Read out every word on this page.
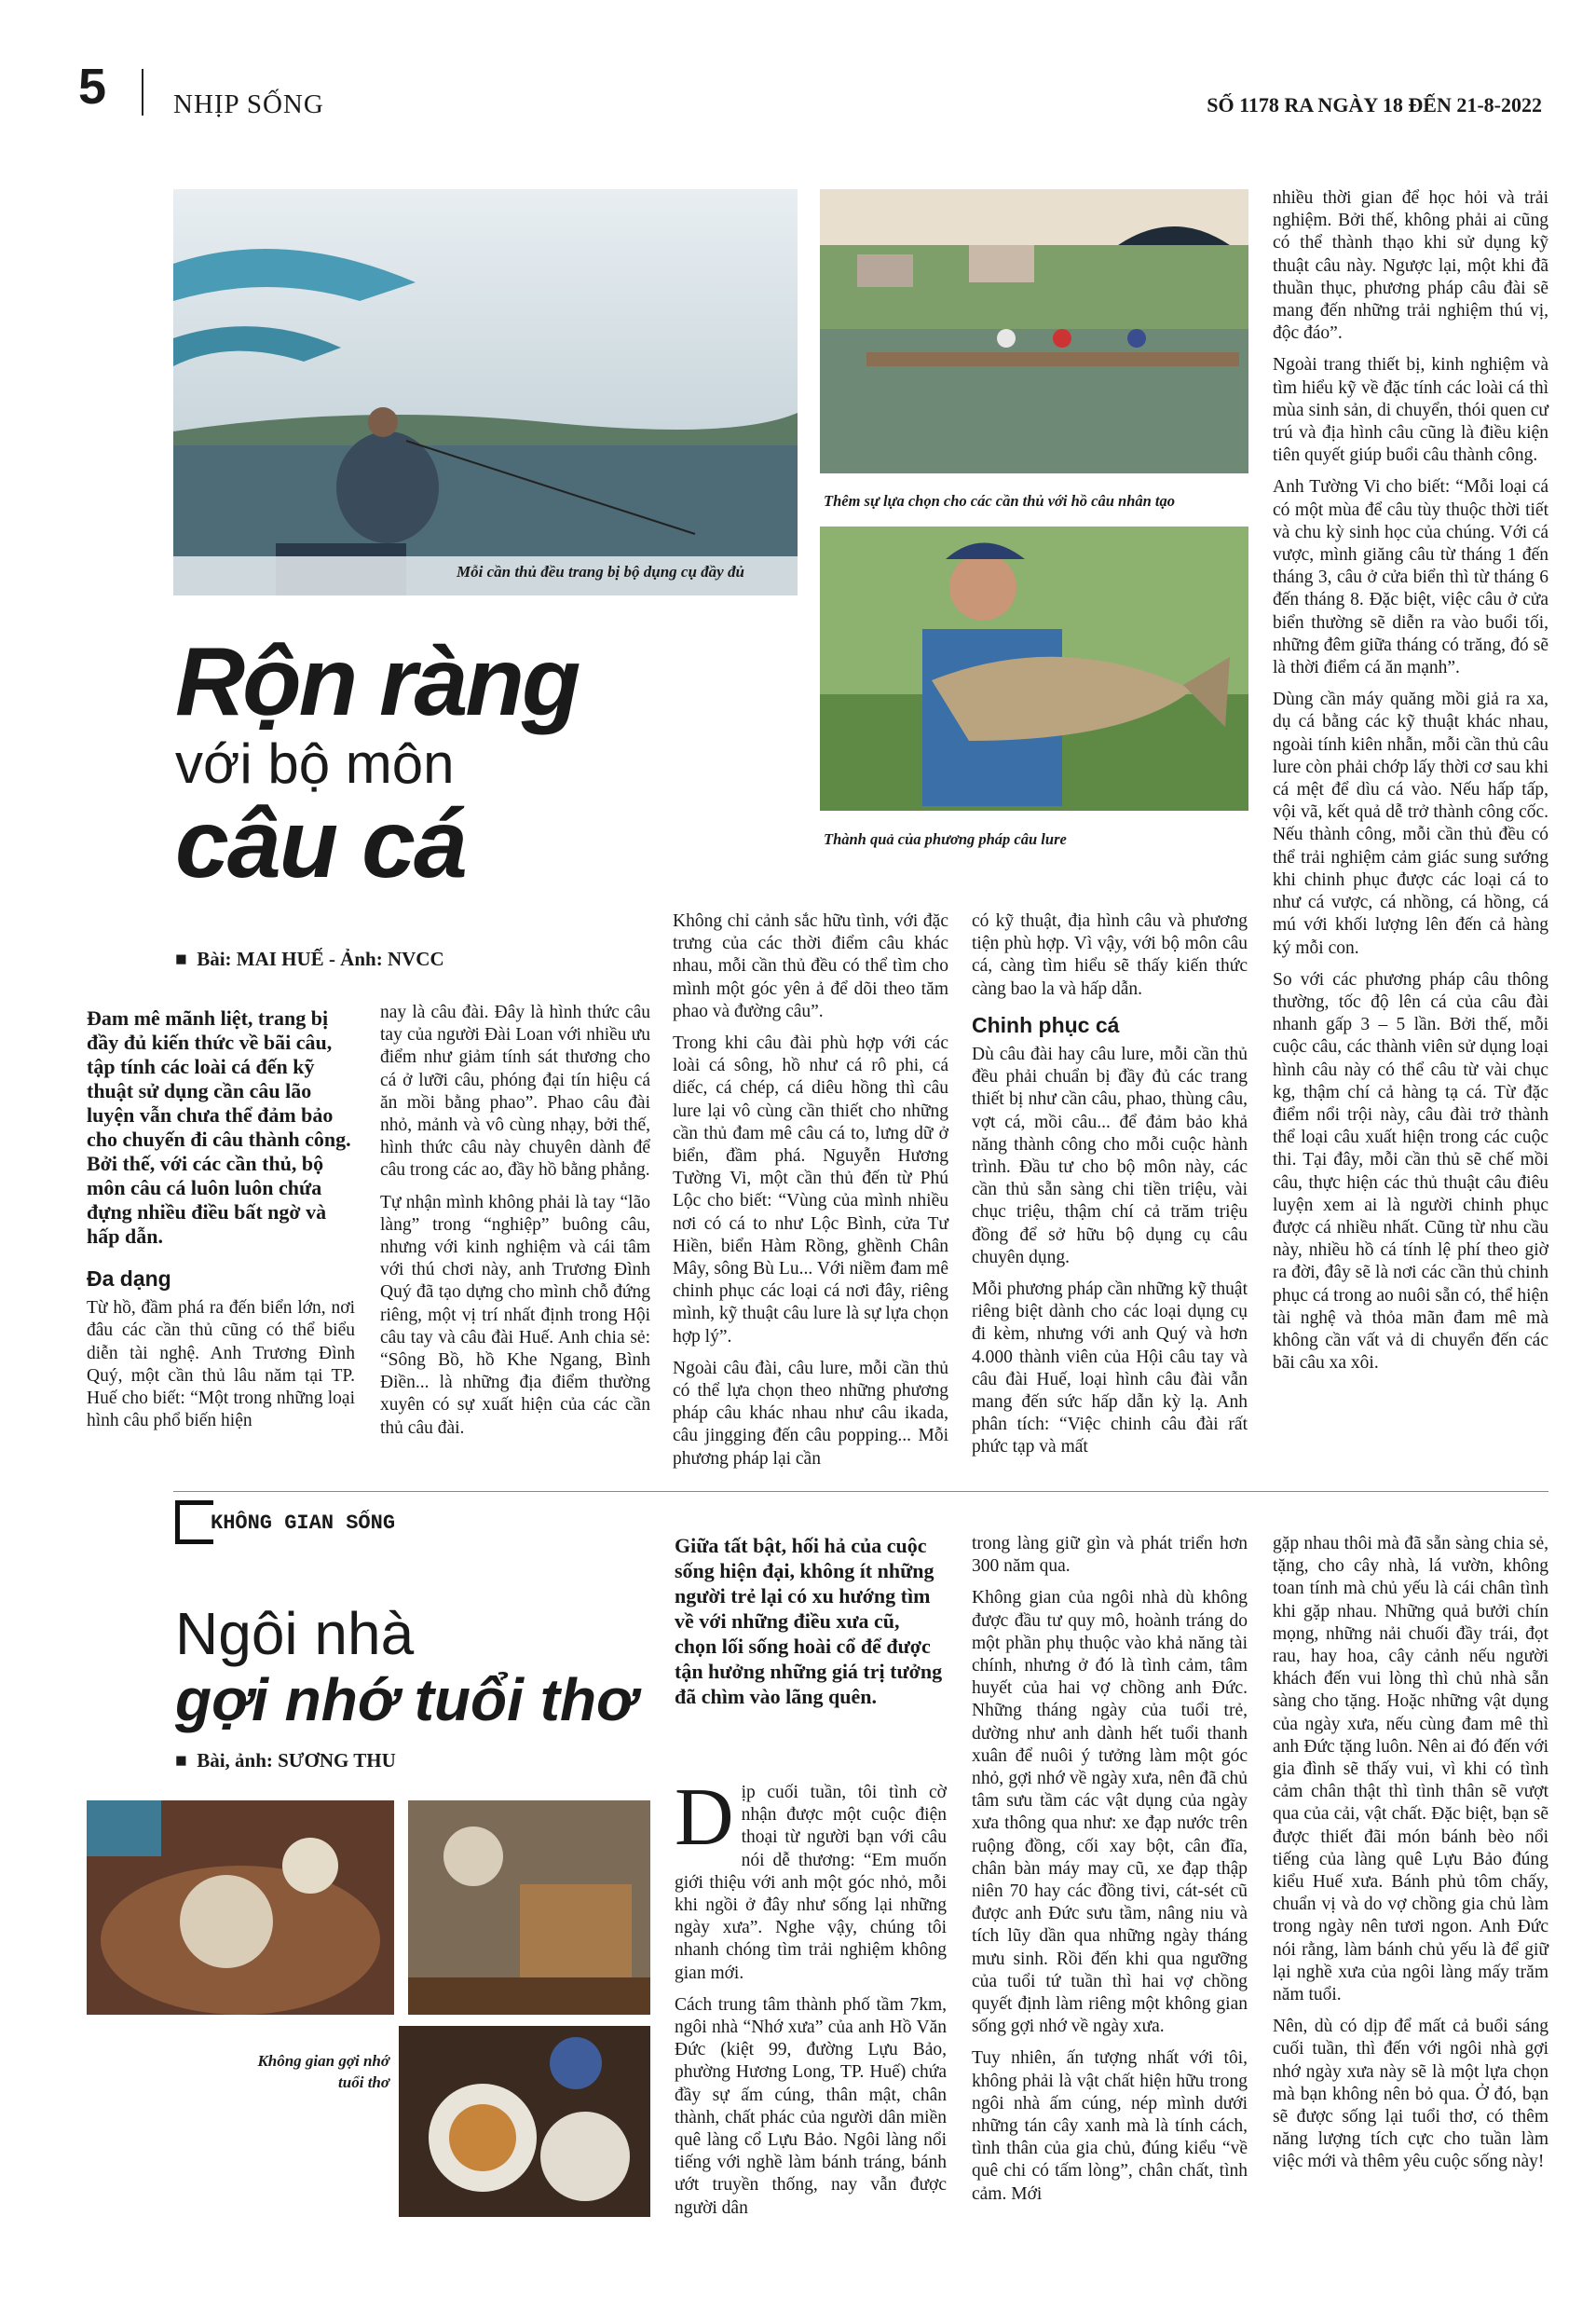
5 NHỊP SỐNG	SỐ 1178 RA NGÀY 18 ĐẾN 21-8-2022
Mỗi cần thủ đều trang bị bộ dụng cụ đầy đủ
Thêm sự lựa chọn cho các cần thủ với hồ câu nhân tạo
Thành quả của phương pháp câu lure
Rộn ràng
với bộ môn
câu cá
■  Bài: MAI HUẾ - Ảnh: NVCC

Đam mê mãnh liệt, trang bị đầy đủ kiến thức về bãi câu, tập tính các loài cá đến kỹ thuật sử dụng cần câu lão luyện vẫn chưa thể đảm bảo cho chuyến đi câu thành công. Bởi thế, với các cần thủ, bộ môn câu cá luôn luôn chứa đựng nhiều điều bất ngờ và hấp dẫn.

Đa dạng

Từ hồ, đầm phá ra đến biển lớn, nơi đâu các cần thủ cũng có thể biểu diễn tài nghệ. Anh Trương Đình Quý, một cần thủ lâu năm tại TP. Huế cho biết: “Một trong những loại hình câu phổ biến hiện

nay là câu đài. Đây là hình thức câu tay của người Đài Loan với nhiều ưu điểm như giảm tính sát thương cho cá ở lưỡi câu, phóng đại tín hiệu cá ăn mồi bằng phao”. Phao câu đài nhỏ, mảnh và vô cùng nhạy, bởi thế, hình thức câu này chuyên dành để câu trong các ao, đầy hồ bằng phẳng.

Tự nhận mình không phải là tay “lão làng” trong “nghiệp” buông câu, nhưng với kinh nghiệm và cái tâm với thú chơi này, anh Trương Đình Quý đã tạo dựng cho mình chỗ đứng riêng, một vị trí nhất định trong Hội câu tay và câu đài Huế. Anh chia sẻ: “Sông Bồ, hồ Khe Ngang, Bình Điền... là những địa điểm thường xuyên có sự xuất hiện của các cần thủ câu đài.

Không chỉ cảnh sắc hữu tình, với đặc trưng của các thời điểm câu khác nhau, mỗi cần thủ đều có thể tìm cho mình một góc yên ả để dõi theo tăm phao và đường câu”.

Trong khi câu đài phù hợp với các loài cá sông, hồ như cá rô phi, cá diếc, cá chép, cá diêu hồng thì câu lure lại vô cùng cần thiết cho những cần thủ đam mê câu cá to, lưng dữ ở biển, đầm phá. Nguyễn Hương Tường Vi, một cần thủ đến từ Phú Lộc cho biết: “Vùng của mình nhiều nơi có cá to như Lộc Bình, cửa Tư Hiền, biển Hàm Rồng, ghềnh Chân Mây, sông Bù Lu... Với niềm đam mê chinh phục các loại cá nơi đây, riêng mình, kỹ thuật câu lure là sự lựa chọn hợp lý”.

Ngoài câu đài, câu lure, mỗi cần thủ có thể lựa chọn theo những phương pháp câu khác nhau như câu ikada, câu jingging đến câu popping... Mỗi phương pháp lại cần

có kỹ thuật, địa hình câu và phương tiện phù hợp. Vì vậy, với bộ môn câu cá, càng tìm hiểu sẽ thấy kiến thức càng bao la và hấp dẫn.

Chinh phục cá

Dù câu đài hay câu lure, mỗi cần thủ đều phải chuẩn bị đầy đủ các trang thiết bị như cần câu, phao, thùng câu, vợt cá, mồi câu... để đảm bảo khả năng thành công cho mỗi cuộc hành trình. Đầu tư cho bộ môn này, các cần thủ sẵn sàng chi tiền triệu, vài chục triệu, thậm chí cả trăm triệu đồng để sở hữu bộ dụng cụ câu chuyên dụng.

Mỗi phương pháp cần những kỹ thuật riêng biệt dành cho các loại dụng cụ đi kèm, nhưng với anh Quý và hơn 4.000 thành viên của Hội câu tay và câu đài Huế, loại hình câu đài vẫn mang đến sức hấp dẫn kỳ lạ. Anh phân tích: “Việc chinh câu đài rất phức tạp và mất

nhiều thời gian để học hỏi và trải nghiệm. Bởi thế, không phải ai cũng có thể thành thạo khi sử dụng kỹ thuật câu này. Ngược lại, một khi đã thuần thục, phương pháp câu đài sẽ mang đến những trải nghiệm thú vị, độc đáo”.

Ngoài trang thiết bị, kinh nghiệm và tìm hiểu kỹ về đặc tính các loài cá thì mùa sinh sản, di chuyển, thói quen cư trú và địa hình câu cũng là điều kiện tiên quyết giúp buổi câu thành công.

Anh Tường Vi cho biết: “Mỗi loại cá có một mùa để câu tùy thuộc thời tiết và chu kỳ sinh học của chúng. Với cá vược, mình giăng câu từ tháng 1 đến tháng 3, câu ở cửa biển thì từ tháng 6 đến tháng 8. Đặc biệt, việc câu ở cửa biển thường sẽ diễn ra vào buổi tối, những đêm giữa tháng có trăng, đó sẽ là thời điểm cá ăn mạnh”.

Dùng cần máy quăng mồi giả ra xa, dụ cá bằng các kỹ thuật khác nhau, ngoài tính kiên nhẫn, mỗi cần thủ câu lure còn phải chớp lấy thời cơ sau khi cá mệt để dìu cá vào. Nếu hấp tấp, vội vã, kết quả dễ trở thành công cốc. Nếu thành công, mỗi cần thủ đều có thể trải nghiệm cảm giác sung sướng khi chinh phục được các loại cá to như cá vược, cá nhồng, cá hồng, cá mú với khối lượng lên đến cả hàng ký mỗi con.

So với các phương pháp câu thông thường, tốc độ lên cá của câu đài nhanh gấp 3 – 5 lần. Bởi thế, mỗi cuộc câu, các thành viên sử dụng loại hình câu này có thể câu từ vài chục kg, thậm chí cả hàng tạ cá. Từ đặc điểm nổi trội này, câu đài trở thành thể loại câu xuất hiện trong các cuộc thi. Tại đây, mỗi cần thủ sẽ chế mồi câu, thực hiện các thủ thuật câu điêu luyện xem ai là người chinh phục được cá nhiều nhất. Cũng từ nhu cầu này, nhiều hồ cá tính lệ phí theo giờ ra đời, đây sẽ là nơi các cần thủ chinh phục cá trong ao nuôi sẵn có, thể hiện tài nghệ và thỏa mãn đam mê mà không cần vất vả di chuyển đến các bãi câu xa xôi.

KHÔNG GIAN SỐNG
Ngôi nhà
gợi nhớ tuổi thơ
■  Bài, ảnh: SƯƠNG THU
Không gian gợi nhớ tuổi thơ
Giữa tất bật, hối hả của cuộc sống hiện đại, không ít những người trẻ lại có xu hướng tìm về với những điều xưa cũ, chọn lối sống hoài cổ để được tận hưởng những giá trị tưởng đã chìm vào lãng quên.

Dịp cuối tuần, tôi tình cờ nhận được một cuộc điện thoại từ người bạn với câu nói dễ thương: “Em muốn giới thiệu với anh một góc nhỏ, mỗi khi ngồi ở đây như sống lại những ngày xưa”. Nghe vậy, chúng tôi nhanh chóng tìm trải nghiệm không gian mới.

Cách trung tâm thành phố tầm 7km, ngôi nhà “Nhớ xưa” của anh Hồ Văn Đức (kiệt 99, đường Lựu Bảo, phường Hương Long, TP. Huế) chứa đầy sự ấm cúng, thân mật, chân thành, chất phác của người dân miền quê làng cổ Lựu Bảo. Ngôi làng nổi tiếng với nghề làm bánh tráng, bánh ướt truyền thống, nay vẫn được người dân

trong làng giữ gìn và phát triển hơn 300 năm qua.

Không gian của ngôi nhà dù không được đầu tư quy mô, hoành tráng do một phần phụ thuộc vào khả năng tài chính, nhưng ở đó là tình cảm, tâm huyết của hai vợ chồng anh Đức. Những tháng ngày của tuổi trẻ, dường như anh dành hết tuổi thanh xuân để nuôi ý tưởng làm một góc nhỏ, gợi nhớ về ngày xưa, nên đã chủ tâm sưu tầm các vật dụng của ngày xưa thông qua như: xe đạp nước trên ruộng đồng, cối xay bột, cân đĩa, chân bàn máy may cũ, xe đạp thập niên 70 hay các đồng tivi, cát-sét cũ được anh Đức sưu tầm, nâng niu và tích lũy dần qua những ngày tháng mưu sinh. Rồi đến khi qua ngưỡng của tuổi tứ tuần thì hai vợ chồng quyết định làm riêng một không gian sống gợi nhớ về ngày xưa.

Tuy nhiên, ấn tượng nhất với tôi, không phải là vật chất hiện hữu trong ngôi nhà ấm cúng, nép mình dưới những tán cây xanh mà là tính cách, tình thân của gia chủ, đúng kiểu “về quê chi có tấm lòng”, chân chất, tình cảm. Mới

gặp nhau thôi mà đã sẵn sàng chia sẻ, tặng, cho cây nhà, lá vườn, không toan tính mà chủ yếu là cái chân tình khi gặp nhau. Những quả bưởi chín mọng, những nải chuối đầy trái, đọt rau, hay hoa, cây cảnh nếu người khách đến vui lòng thì chủ nhà sẵn sàng cho tặng. Hoặc những vật dụng của ngày xưa, nếu cùng đam mê thì anh Đức tặng luôn. Nên ai đó đến với gia đình sẽ thấy vui, vì khi có tình cảm chân thật thì tình thân sẽ vượt qua của cải, vật chất. Đặc biệt, bạn sẽ được thiết đãi món bánh bèo nổi tiếng của làng quê Lựu Bảo đúng kiểu Huế xưa. Bánh phủ tôm chấy, chuẩn vị và do vợ chồng gia chủ làm trong ngày nên tươi ngon. Anh Đức nói rằng, làm bánh chủ yếu là để giữ lại nghề xưa của ngôi làng mấy trăm năm tuổi.

Nên, dù có dịp để mất cả buổi sáng cuối tuần, thì đến với ngôi nhà gợi nhớ ngày xưa này sẽ là một lựa chọn mà bạn không nên bỏ qua. Ở đó, bạn sẽ được sống lại tuổi thơ, có thêm năng lượng tích cực cho tuần làm việc mới và thêm yêu cuộc sống này!
